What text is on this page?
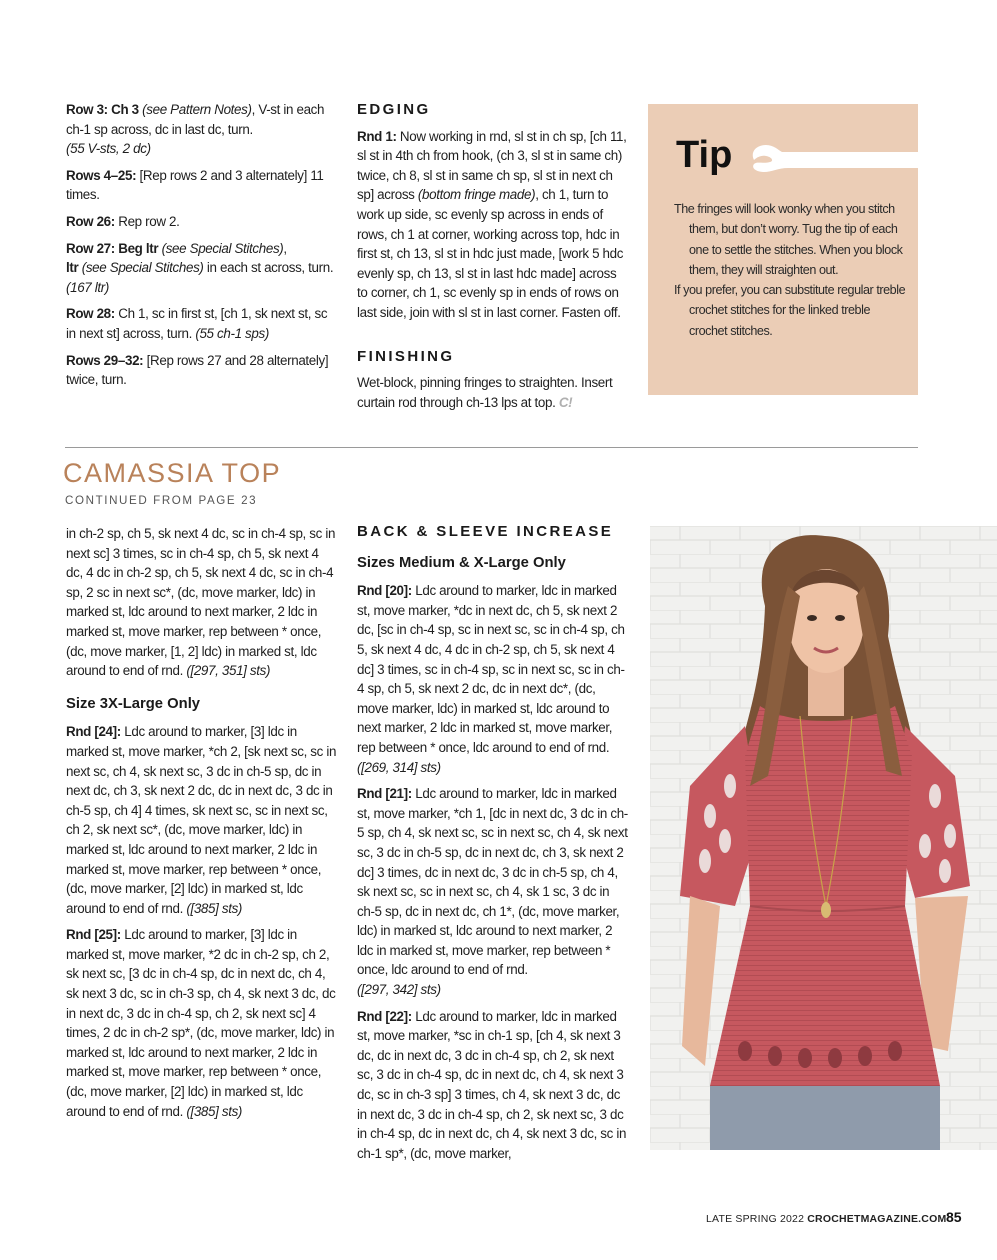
Row 3: Ch 3 (see Pattern Notes), V-st in each ch-1 sp across, dc in last dc, turn.
(55 V-sts, 2 dc)

Rows 4–25: [Rep rows 2 and 3 alternately] 11 times.

Row 26: Rep row 2.

Row 27: Beg ltr (see Special Stitches),
ltr (see Special Stitches) in each st across, turn. (167 ltr)

Row 28: Ch 1, sc in first st, [ch 1, sk next st, sc in next st] across, turn. (55 ch-1 sps)

Rows 29–32: [Rep rows 27 and 28 alternately] twice, turn.

EDGING

Rnd 1: Now working in rnd, sl st in ch sp, [ch 11, sl st in 4th ch from hook, (ch 3, sl st in same ch) twice, ch 8, sl st in same ch sp, sl st in next ch sp] across (bottom fringe made), ch 1, turn to work up side, sc evenly sp across in ends of rows, ch 1 at corner, working across top, hdc in first st, ch 13, sl st in hdc just made, [work 5 hdc evenly sp, ch 13, sl st in last hdc made] across to corner, ch 1, sc evenly sp in ends of rows on last side, join with sl st in last corner. Fasten off.

FINISHING

Wet-block, pinning fringes to straighten. Insert curtain rod through ch-13 lps at top. C!

Tip

The fringes will look wonky when you stitch them, but don’t worry. Tug the tip of each one to settle the stitches. When you block them, they will straighten out.

If you prefer, you can substitute regular treble crochet stitches for the linked treble crochet stitches.

CAMASSIA TOP
CONTINUED FROM PAGE 23

in ch-2 sp, ch 5, sk next 4 dc, sc in ch-4 sp, sc in next sc] 3 times, sc in ch-4 sp, ch 5, sk next 4 dc, 4 dc in ch-2 sp, ch 5, sk next 4 dc, sc in ch-4 sp, 2 sc in next sc*, (dc, move marker, ldc) in marked st, ldc around to next marker, 2 ldc in marked st, move marker, rep between * once, (dc, move marker, [1, 2] ldc) in marked st, ldc around to end of rnd. ([297, 351] sts)

Size 3X-Large Only

Rnd [24]: Ldc around to marker, [3] ldc in marked st, move marker, *ch 2, [sk next sc, sc in next sc, ch 4, sk next sc, 3 dc in ch-5 sp, dc in next dc, ch 3, sk next 2 dc, dc in next dc, 3 dc in ch-5 sp, ch 4] 4 times, sk next sc, sc in next sc, ch 2, sk next sc*, (dc, move marker, ldc) in marked st, ldc around to next marker, 2 ldc in marked st, move marker, rep between * once, (dc, move marker, [2] ldc) in marked st, ldc around to end of rnd. ([385] sts)

Rnd [25]: Ldc around to marker, [3] ldc in marked st, move marker, *2 dc in ch-2 sp, ch 2, sk next sc, [3 dc in ch-4 sp, dc in next dc, ch 4, sk next 3 dc, sc in ch-3 sp, ch 4, sk next 3 dc, dc in next dc, 3 dc in ch-4 sp, ch 2, sk next sc] 4 times, 2 dc in ch-2 sp*, (dc, move marker, ldc) in marked st, ldc around to next marker, 2 ldc in marked st, move marker, rep between * once, (dc, move marker, [2] ldc) in marked st, ldc around to end of rnd. ([385] sts)

BACK & SLEEVE INCREASE
Sizes Medium & X-Large Only

Rnd [20]: Ldc around to marker, ldc in marked st, move marker, *dc in next dc, ch 5, sk next 2 dc, [sc in ch-4 sp, sc in next sc, sc in ch-4 sp, ch 5, sk next 4 dc, 4 dc in ch-2 sp, ch 5, sk next 4 dc] 3 times, sc in ch-4 sp, sc in next sc, sc in ch-4 sp, ch 5, sk next 2 dc, dc in next dc*, (dc, move marker, ldc) in marked st, ldc around to next marker, 2 ldc in marked st, move marker, rep between * once, ldc around to end of rnd.
([269, 314] sts)

Rnd [21]: Ldc around to marker, ldc in marked st, move marker, *ch 1, [dc in next dc, 3 dc in ch-5 sp, ch 4, sk next sc, sc in next sc, ch 4, sk next sc, 3 dc in ch-5 sp, dc in next dc, ch 3, sk next 2 dc] 3 times, dc in next dc, 3 dc in ch-5 sp, ch 4, sk next sc, sc in next sc, ch 4, sk 1 sc, 3 dc in ch-5 sp, dc in next dc, ch 1*, (dc, move marker, ldc) in marked st, ldc around to next marker, 2 ldc in marked st, move marker, rep between * once, ldc around to end of rnd.
([297, 342] sts)

Rnd [22]: Ldc around to marker, ldc in marked st, move marker, *sc in ch-1 sp, [ch 4, sk next 3 dc, dc in next dc, 3 dc in ch-4 sp, ch 2, sk next sc, 3 dc in ch-4 sp, dc in next dc, ch 4, sk next 3 dc, sc in ch-3 sp] 3 times, ch 4, sk next 3 dc, dc in next dc, 3 dc in ch-4 sp, ch 2, sk next sc, 3 dc in ch-4 sp, dc in next dc, ch 4, sk next 3 dc, sc in ch-1 sp*, (dc, move marker,

LATE SPRING 2022 CROCHETMAGAZINE.COM 85
